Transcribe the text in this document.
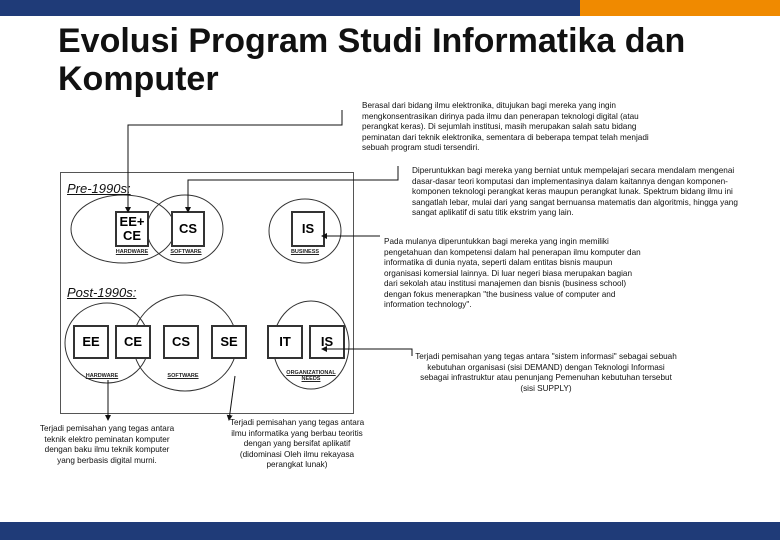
Evolusi Program Studi Informatika dan
Komputer
Pre-1990s:
Post-1990s:
EE+
CE	CS	IS
HARDWARE	SOFTWARE	BUSINESS
EE	CE	CS	SE	IT	IS
HARDWARE	SOFTWARE	ORGANIZATIONAL
NEEDS
Berasal dari bidang ilmu elektronika, ditujukan bagi mereka yang ingin mengkonsentrasikan dirinya pada ilmu dan penerapan teknologi digital (atau perangkat keras). Di sejumlah institusi, masih merupakan salah satu bidang peminatan dari teknik elektronika, sementara di beberapa tempat telah menjadi sebuah program studi tersendiri.
Diperuntukkan bagi mereka yang berniat untuk mempelajari secara mendalam mengenai dasar-dasar teori komputasi dan implementasinya dalam kaitannya dengan komponen-komponen teknologi perangkat keras maupun perangkat lunak. Spektrum bidang ilmu ini sangatlah lebar, mulai dari yang sangat bernuansa matematis dan algoritmis, hingga yang sangat aplikatif di satu titik ekstrim yang lain.
Pada mulanya diperuntukkan bagi mereka yang ingin memiliki pengetahuan dan kompetensi dalam hal penerapan ilmu komputer dan informatika di dunia nyata, seperti dalam entitas bisnis maupun organisasi komersial lainnya. Di luar negeri biasa merupakan bagian dari sekolah atau institusi manajemen dan bisnis (business school) dengan fokus menerapkan "the business value of computer and information technology".
Terjadi pemisahan yang tegas antara "sistem informasi" sebagai sebuah kebutuhan organisasi (sisi DEMAND) dengan Teknologi Informasi sebagai infrastruktur atau penunjang Pemenuhan kebutuhan tersebut (sisi SUPPLY)
Terjadi pemisahan yang tegas antara teknik elektro peminatan komputer dengan baku ilmu teknik komputer yang berbasis digital murni.
Terjadi pemisahan yang tegas antara ilmu informatika yang berbau teoritis dengan yang bersifat aplikatif (didominasi Oleh ilmu rekayasa perangkat lunak)
